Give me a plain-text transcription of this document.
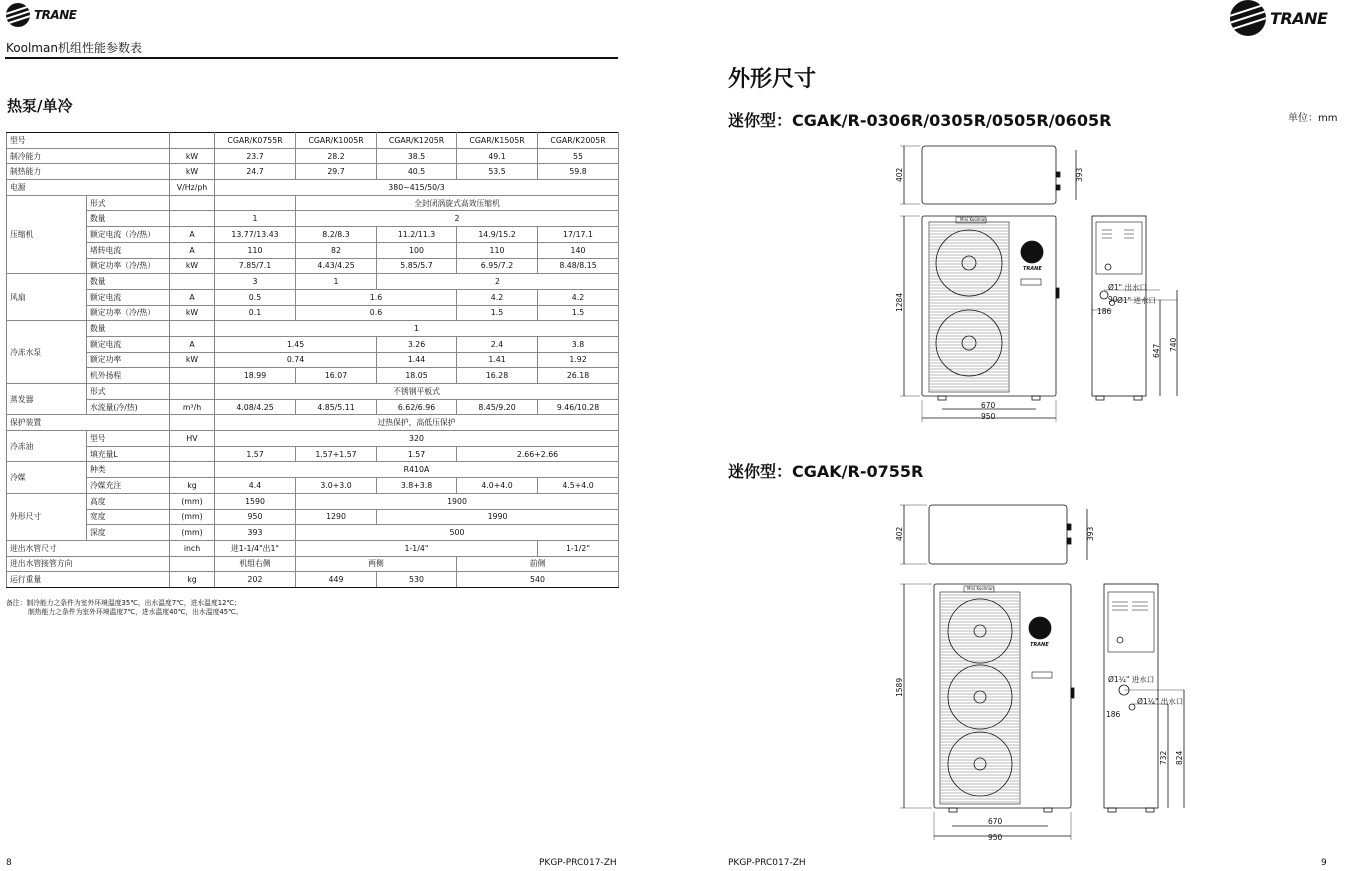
TRANE
Koolman机组性能参数表
热泵/单冷
型号			CGAR/K0755R	CGAR/K1005R	CGAR/K1205R	CGAR/K1505R	CGAR/K2005R
制冷能力		kW	23.7	28.2	38.5	49.1	55
制热能力		kW	24.7	29.7	40.5	53.5	59.8
电源		V/Hz/ph	380~415/50/3				
压缩机	形式			全封闭涡旋式高效压缩机			
	数量		1	2			
	额定电流（冷/热）	A	13.77/13.43	8.2/8.3	11.2/11.3	14.9/15.2	17/17.1
	堵转电流	A	110	82	100	110	140
	额定功率（冷/热）	kW	7.85/7.1	4.43/4.25	5.85/5.7	6.95/7.2	8.48/8.15
风扇	数量		3	1	2		
	额定电流	A	0.5	1.6		4.2	4.2
	额定功率（冷/热）	kW	0.1	0.6		1.5	1.5
冷冻水泵	数量		1				
	额定电流	A	1.45		3.26	2.4	3.8
	额定功率	kW	0.74		1.44	1.41	1.92
	机外扬程		18.99	16.07	18.05	16.28	26.18
蒸发器	形式		不锈钢平板式				
	水流量(冷/热)	m³/h	4.08/4.25	4.85/5.11	6.62/6.96	8.45/9.20	9.46/10.28
保护装置			过热保护，高低压保护				
冷冻油	型号	HV	320				
	填充量L		1.57	1.57+1.57	1.57	2.66+2.66	
冷媒	种类		R410A				
	冷媒充注	kg	4.4	3.0+3.0	3.8+3.8	4.0+4.0	4.5+4.0
外形尺寸	高度	(mm)	1590	1900			
	宽度	(mm)	950	1290	1990		
	深度	(mm)	393	500			
进出水管尺寸		inch	进1-1/4"出1"	1-1/4"			1-1/2"
进出水管接管方向			机组右侧	两侧		前侧	
运行重量		kg	202	449	530	540	
备注：制冷能力之条件为室外环境温度35℃，出水温度7℃，进水温度12℃；
制热能力之条件为室外环境温度7℃，进水温度40℃，出水温度45℃。
8	PKGP-PRC017-ZH
TRANE
外形尺寸
迷你型：CGAK/R-0306R/0305R/0505R/0605R	单位：mm
迷你型：CGAK/R-0755R
Mini Koolman
TRANE
402	393
1284
670
950
Ø1" 出水口
Ø1" 进水口
90
186
647 740
Mini Koolman
TRANE
402	393
1589
670
950
Ø1¼" 进水口
Ø1¼" 出水口
186
732 824
PKGP-PRC017-ZH	9
